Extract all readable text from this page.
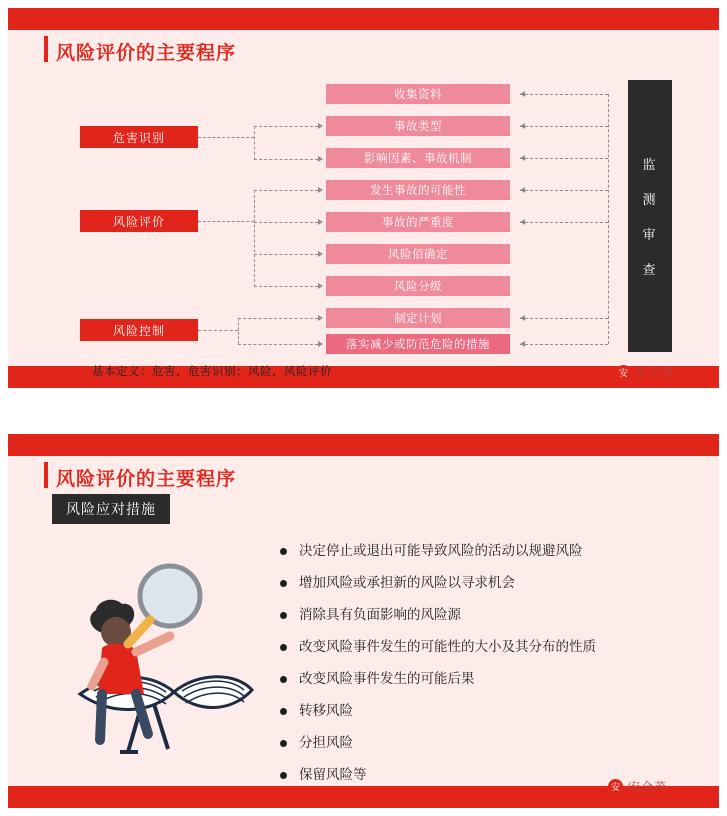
风险评价的主要程序
危害识别
风险评价
风险控制
收集资料
事故类型
影响因素、事故机制
发生事故的可能性
事故的严重度
风险佰确定
风险分级
制定计划
落实减少或防范危险的措施
监
测
审
查
基本定义：危害，危害识别；风险，风险评价	安 安全茂
风险评价的主要程序
风险应对措施
决定停止或退出可能导致风险的活动以规避风险
增加风险或承担新的风险以寻求机会
消除具有负面影响的风险源
改变风险事件发生的可能性的大小及其分布的性质
改变风险事件发生的可能后果
转移风险
分担风险
保留风险等
安 安全茂
